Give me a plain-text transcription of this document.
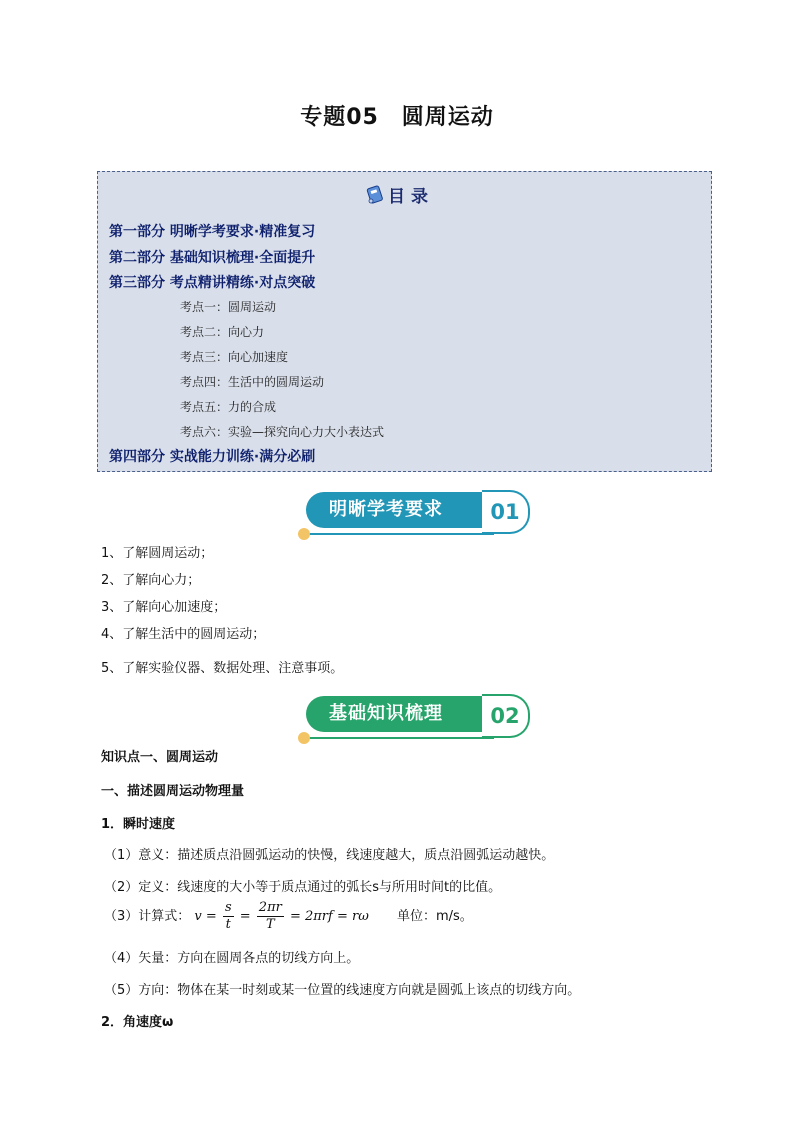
专题05　圆周运动
目 录
第一部分 明晰学考要求·精准复习
第二部分 基础知识梳理·全面提升
第三部分 考点精讲精练·对点突破
考点一：圆周运动
考点二：向心力
考点三：向心加速度
考点四：生活中的圆周运动
考点五：力的合成
考点六：实验—探究向心力大小表达式
第四部分 实战能力训练·满分必刷
明晰学考要求	01
1、了解圆周运动；
2、了解向心力；
3、了解向心加速度；
4、了解生活中的圆周运动；
5、了解实验仪器、数据处理、注意事项。
基础知识梳理	02
知识点一、圆周运动
一、描述圆周运动物理量
1．瞬时速度
（1）意义：描述质点沿圆弧运动的快慢，线速度越大，质点沿圆弧运动越快。
（2）定义：线速度的大小等于质点通过的弧长s与所用时间t的比值。
（3）计算式： $v = \frac{s}{t} = \frac{2\pi r}{T} = 2\pi rf = r\omega$ 单位：m/s。
（4）矢量：方向在圆周各点的切线方向上。
（5）方向：物体在某一时刻或某一位置的线速度方向就是圆弧上该点的切线方向。
2．角速度ω
